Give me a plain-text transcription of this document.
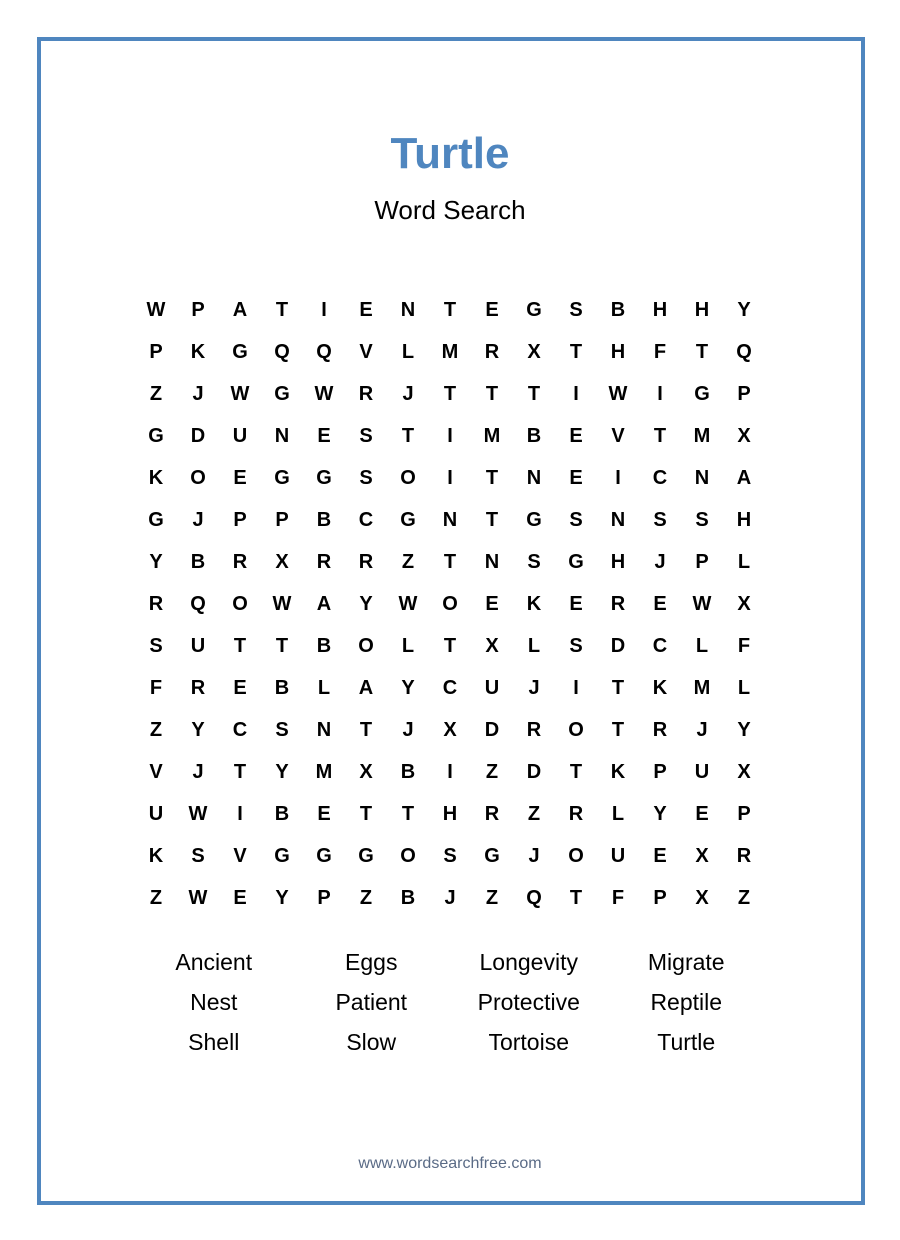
Turtle
Word Search
W	P	A	T	I	E	N	T	E	G	S	B	H	H	Y
P	K	G	Q	Q	V	L	M	R	X	T	H	F	T	Q
Z	J	W	G	W	R	J	T	T	T	I	W	I	G	P
G	D	U	N	E	S	T	I	M	B	E	V	T	M	X
K	O	E	G	G	S	O	I	T	N	E	I	C	N	A
G	J	P	P	B	C	G	N	T	G	S	N	S	S	H
Y	B	R	X	R	R	Z	T	N	S	G	H	J	P	L
R	Q	O	W	A	Y	W	O	E	K	E	R	E	W	X
S	U	T	T	B	O	L	T	X	L	S	D	C	L	F
F	R	E	B	L	A	Y	C	U	J	I	T	K	M	L
Z	Y	C	S	N	T	J	X	D	R	O	T	R	J	Y
V	J	T	Y	M	X	B	I	Z	D	T	K	P	U	X
U	W	I	B	E	T	T	H	R	Z	R	L	Y	E	P
K	S	V	G	G	G	O	S	G	J	O	U	E	X	R
Z	W	E	Y	P	Z	B	J	Z	Q	T	F	P	X	Z
Ancient	Eggs	Longevity	Migrate
Nest	Patient	Protective	Reptile
Shell	Slow	Tortoise	Turtle
www.wordsearchfree.com
